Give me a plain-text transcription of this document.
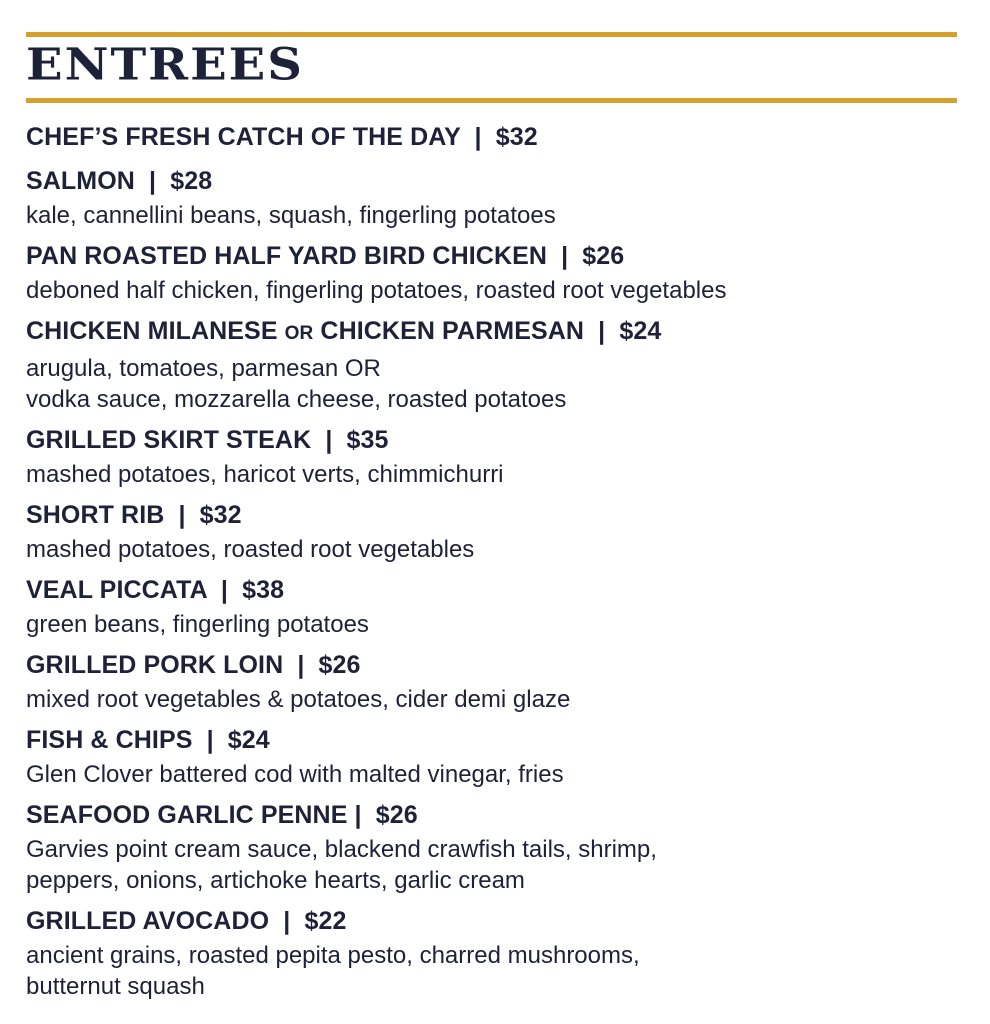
ENTREES
CHEF’S FRESH CATCH OF THE DAY  |  $32
SALMON  |  $28
kale, cannellini beans, squash, fingerling potatoes
PAN ROASTED HALF YARD BIRD CHICKEN  |  $26
deboned half chicken, fingerling potatoes, roasted root vegetables
CHICKEN MILANESE OR CHICKEN PARMESAN  |  $24
arugula, tomatoes, parmesan OR
vodka sauce, mozzarella cheese, roasted potatoes
GRILLED SKIRT STEAK  |  $35
mashed potatoes, haricot verts, chimmichurri
SHORT RIB  |  $32
mashed potatoes, roasted root vegetables
VEAL PICCATA  |  $38
green beans, fingerling potatoes
GRILLED PORK LOIN  |  $26
mixed root vegetables & potatoes, cider demi glaze
FISH & CHIPS  |  $24
Glen Clover battered cod with malted vinegar, fries
SEAFOOD GARLIC PENNE |  $26
Garvies point cream sauce, blackend crawfish tails, shrimp,
peppers, onions, artichoke hearts, garlic cream
GRILLED AVOCADO  |  $22
ancient grains, roasted pepita pesto, charred mushrooms,
butternut squash
